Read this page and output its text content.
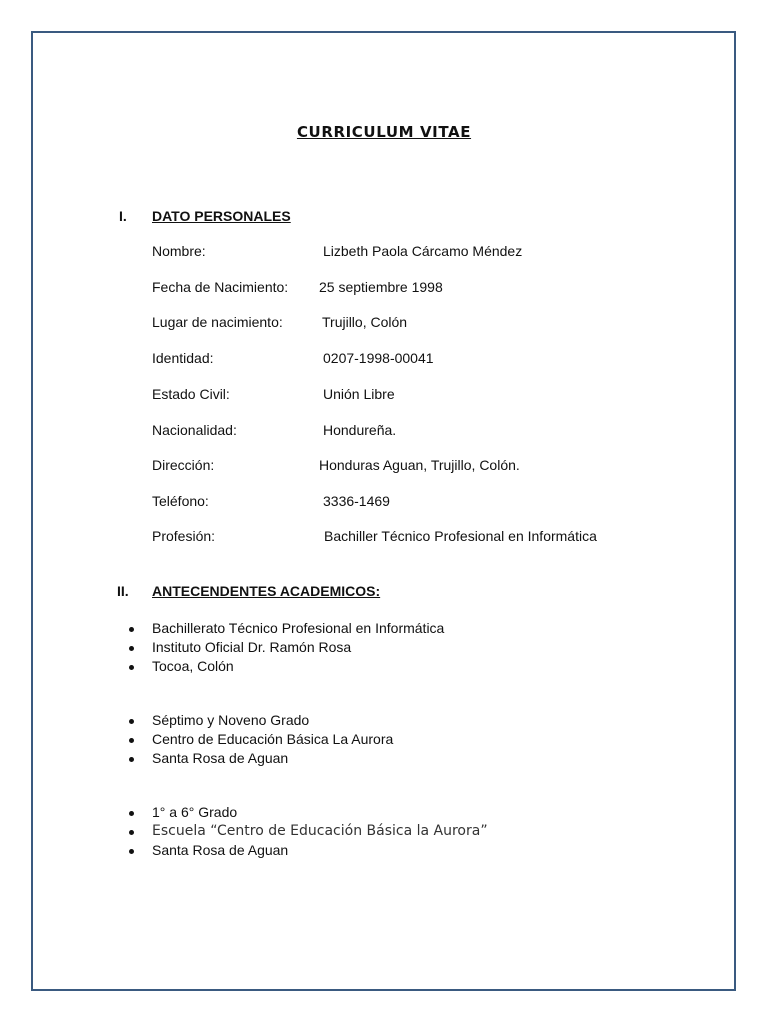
CURRICULUM VITAE
I. DATO PERSONALES
Nombre:	Lizbeth Paola Cárcamo Méndez
Fecha de Nacimiento: 25 septiembre 1998
Lugar de nacimiento:	Trujillo, Colón
Identidad:	0207-1998-00041
Estado Civil:	Unión Libre
Nacionalidad:	Hondureña.
Dirección:	Honduras Aguan, Trujillo, Colón.
Teléfono:	3336-1469
Profesión:	Bachiller Técnico Profesional en Informática
II. ANTECENDENTES ACADEMICOS:
Bachillerato Técnico Profesional en Informática
Instituto Oficial Dr. Ramón Rosa
Tocoa, Colón
Séptimo y Noveno Grado
Centro de Educación Básica La Aurora
Santa Rosa de Aguan
1° a 6° Grado
Escuela “Centro de Educación Básica la Aurora”
Santa Rosa de Aguan
